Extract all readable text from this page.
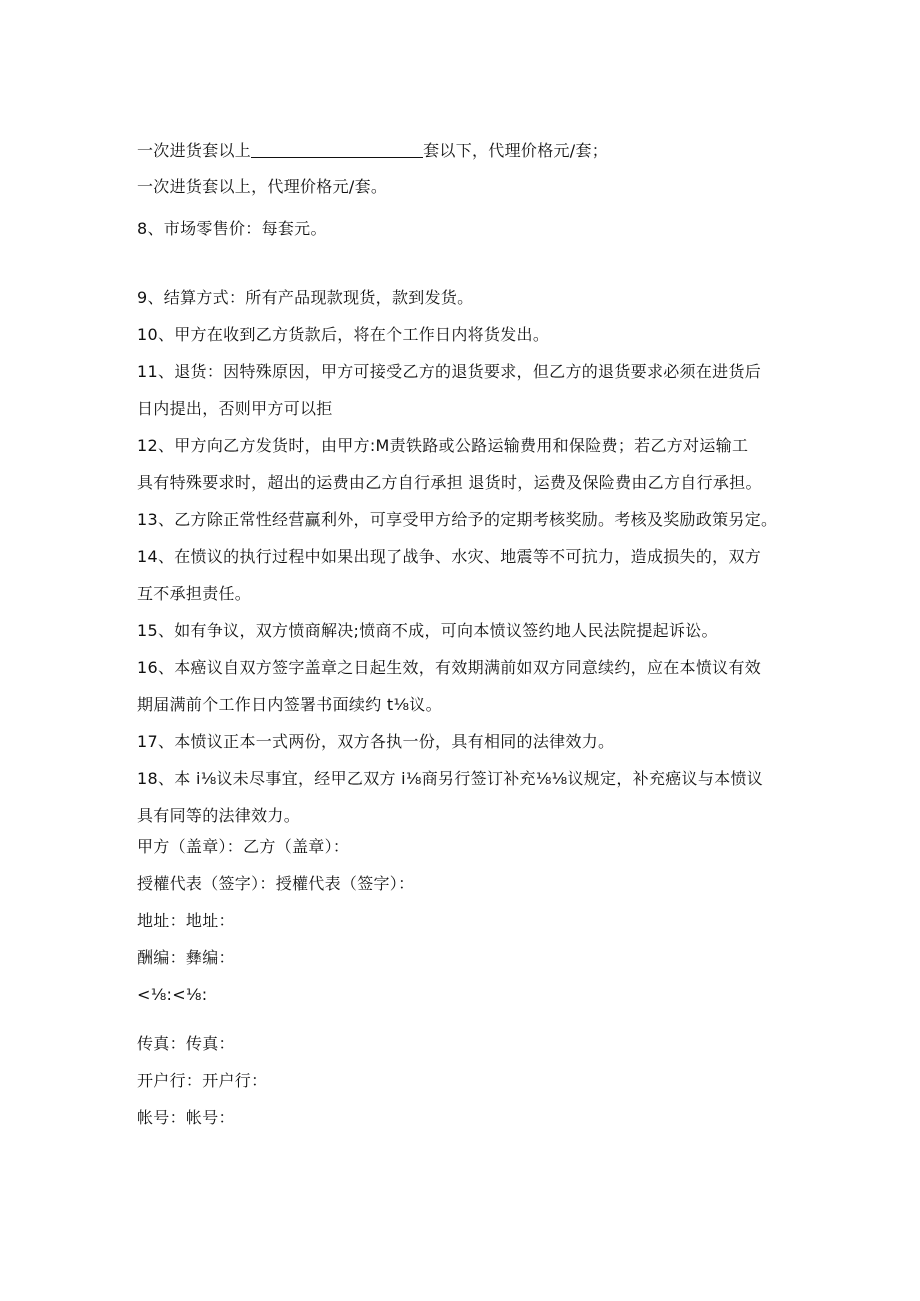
一次进货套以上	套以下，代理价格元/套；
一次进货套以上，代理价格元/套。
8、市场零售价：每套元。
9、结算方式：所有产品现款现货，款到发货。
10、甲方在收到乙方货款后，将在个工作日内将货发出。
11、退货：因特殊原因，甲方可接受乙方的退货要求，但乙方的退货要求必须在进货后
日内提出，否则甲方可以拒
12、甲方向乙方发货时，由甲方:M责铁路或公路运输费用和保险费；若乙方对运输工
具有特殊要求时，超出的运费由乙方自行承担 退货时，运费及保险费由乙方自行承担。
13、乙方除正常性经营赢利外，可享受甲方给予的定期考核奖励。考核及奖励政策另定。
14、在愤议的执行过程中如果出现了战争、水灾、地震等不可抗力，造成损失的，双方
互不承担责任。
15、如有争议，双方愤商解决;愤商不成，可向本愤议签约地人民法院提起诉讼。
16、本癌议自双方签字盖章之日起生效，有效期满前如双方同意续约，应在本愤议有效
期届满前个工作日内签署书面续约 t⅛议。
17、本愤议正本一式两份，双方各执一份，具有相同的法律效力。
18、本 i⅛议未尽事宜，经甲乙双方 i⅛商另行签订补充⅛⅛议规定，补充癌议与本愤议
具有同等的法律效力。
甲方（盖章）：乙方（盖章）：
授權代表（签字）：授權代表（签字）：
地址：地址：
酬编：彝编：
<⅛:<⅛:
传真：传真：
开户行：开户行：
帐号：帐号：
